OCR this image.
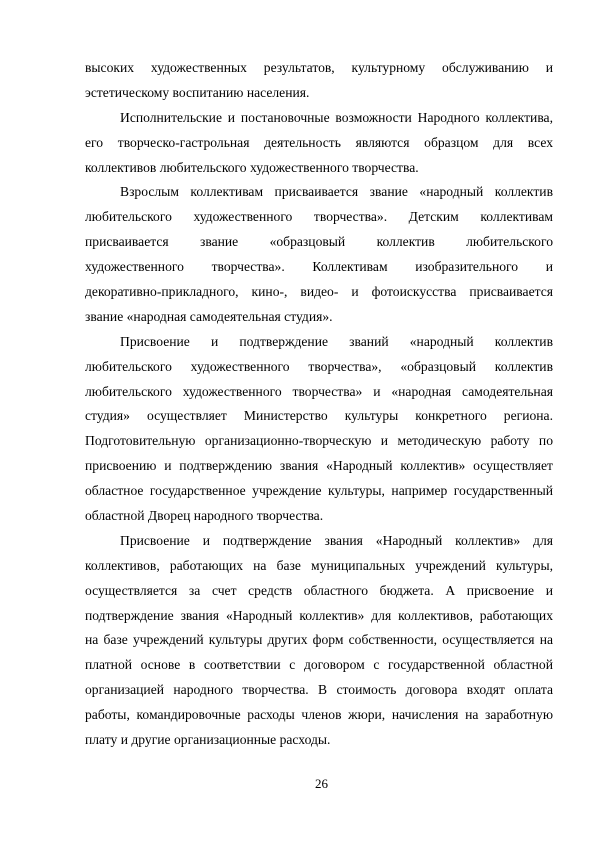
высоких художественных результатов, культурному обслуживанию и
эстетическому воспитанию населения.
Исполнительские и постановочные возможности Народного коллектива,
его творческо-гастрольная деятельность являются образцом для всех
коллективов любительского художественного творчества.
Взрослым коллективам присваивается звание «народный коллектив
любительского художественного творчества». Детским коллективам
присваивается звание «образцовый коллектив любительского
художественного творчества». Коллективам изобразительного и
декоративно-прикладного, кино-, видео- и фотоискусства присваивается
звание «народная самодеятельная студия».
Присвоение и подтверждение званий «народный коллектив
любительского художественного творчества», «образцовый коллектив
любительского художественного творчества» и «народная самодеятельная
студия» осуществляет Министерство культуры конкретного региона.
Подготовительную организационно-творческую и методическую работу по
присвоению и подтверждению звания «Народный коллектив» осуществляет
областное государственное учреждение культуры, например государственный
областной Дворец народного творчества.
Присвоение и подтверждение звания «Народный коллектив» для
коллективов, работающих на базе муниципальных учреждений культуры,
осуществляется за счет средств областного бюджета. А присвоение и
подтверждение звания «Народный коллектив» для коллективов, работающих
на базе учреждений культуры других форм собственности, осуществляется на
платной основе в соответствии с договором с государственной областной
организацией народного творчества. В стоимость договора входят оплата
работы, командировочные расходы членов жюри, начисления на заработную
плату и другие организационные расходы.
26
